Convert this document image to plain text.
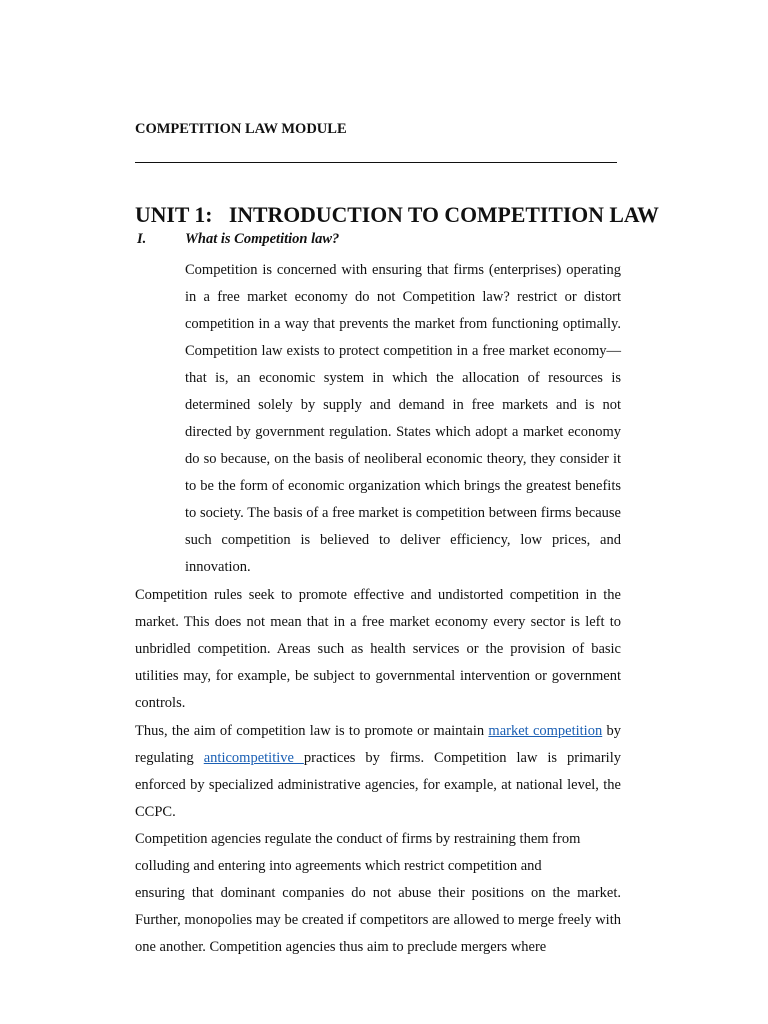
COMPETITION LAW MODULE
UNIT 1:   INTRODUCTION TO COMPETITION LAW
I.	What is Competition law?

Competition is concerned with ensuring that firms (enterprises) operating in a free market economy do not Competition law? restrict or distort competition in a way that prevents the market from functioning optimally. Competition law exists to protect competition in a free market economy—that is, an economic system in which the allocation of resources is determined solely by supply and demand in free markets and is not directed by government regulation. States which adopt a market economy do so because, on the basis of neoliberal economic theory, they consider it to be the form of economic organization which brings the greatest benefits to society. The basis of a free market is competition between firms because such competition is believed to deliver efficiency, low prices, and innovation.

Competition rules seek to promote effective and undistorted competition in the market. This does not mean that in a free market economy every sector is left to unbridled competition. Areas such as health services or the provision of basic utilities may, for example, be subject to governmental intervention or government controls.

Thus, the aim of competition law is to promote or maintain market competition by regulating anticompetitive practices by firms. Competition law is primarily enforced by specialized administrative agencies, for example, at national level, the CCPC.

Competition agencies regulate the conduct of firms by restraining them from colluding and entering into agreements which restrict competition and
ensuring that dominant companies do not abuse their positions on the market. Further, monopolies may be created if competitors are allowed to merge freely with one another. Competition agencies thus aim to preclude mergers where
